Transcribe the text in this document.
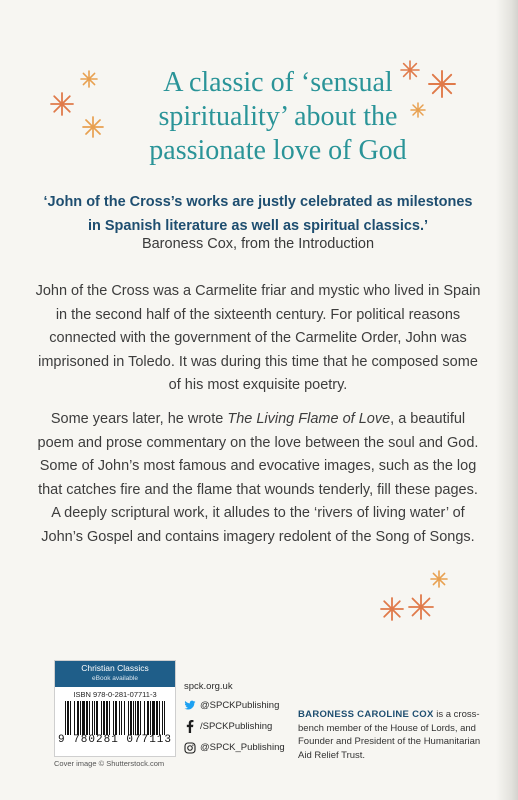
A classic of ‘sensual spirituality’ about the passionate love of God
‘John of the Cross’s works are justly celebrated as milestones in Spanish literature as well as spiritual classics.’
Baroness Cox, from the Introduction
John of the Cross was a Carmelite friar and mystic who lived in Spain in the second half of the sixteenth century. For political reasons connected with the government of the Carmelite Order, John was imprisoned in Toledo. It was during this time that he composed some of his most exquisite poetry.
Some years later, he wrote The Living Flame of Love, a beautiful poem and prose commentary on the love between the soul and God. Some of John’s most famous and evocative images, such as the log that catches fire and the flame that wounds tenderly, fill these pages. A deeply scriptural work, it alludes to the ‘rivers of living water’ of John’s Gospel and contains imagery redolent of the Song of Songs.
Christian Classics
eBook available
ISBN 978-0-281-07711-3
9 780281 077113
Cover image © Shutterstock.com
spck.org.uk
@SPCKPublishing
/SPCKPublishing
@SPCK_Publishing
BARONESS CAROLINE COX is a cross-bench member of the House of Lords, and Founder and President of the Humanitarian Aid Relief Trust.
